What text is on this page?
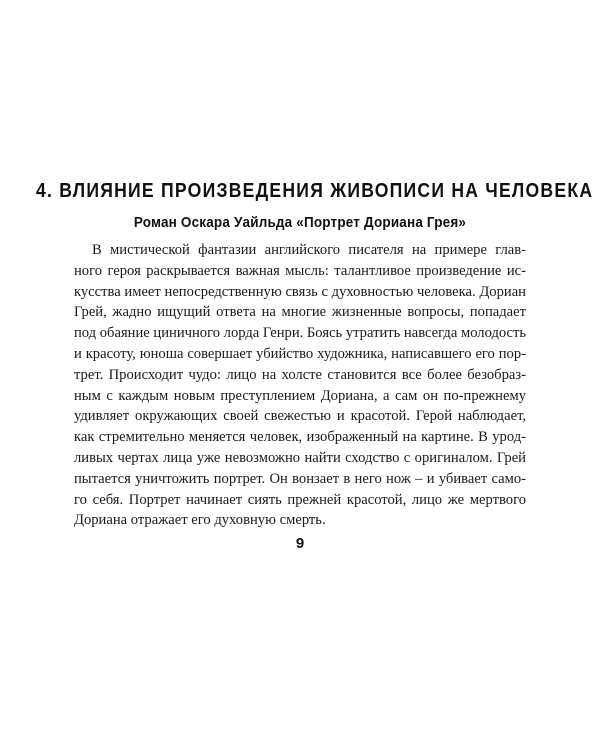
4. ВЛИЯНИЕ ПРОИЗВЕДЕНИЯ ЖИВОПИСИ НА ЧЕЛОВЕКА
Роман Оскара Уайльда «Портрет Дориана Грея»
В мистической фантазии английского писателя на примере глав-
ного героя раскрывается важная мысль: талантливое произведение ис-
кусства имеет непосредственную связь с духовностью человека. Дориан
Грей, жадно ищущий ответа на многие жизненные вопросы, попадает
под обаяние циничного лорда Генри. Боясь утратить навсегда молодость
и красоту, юноша совершает убийство художника, написавшего его пор-
трет. Происходит чудо: лицо на холсте становится все более безобраз-
ным с каждым новым преступлением Дориана, а сам он по-прежнему
удивляет окружающих своей свежестью и красотой. Герой наблюдает,
как стремительно меняется человек, изображенный на картине. В урод-
ливых чертах лица уже невозможно найти сходство с оригиналом. Грей
пытается уничтожить портрет. Он вонзает в него нож – и убивает само-
го себя. Портрет начинает сиять прежней красотой, лицо же мертвого
Дориана отражает его духовную смерть.
9
